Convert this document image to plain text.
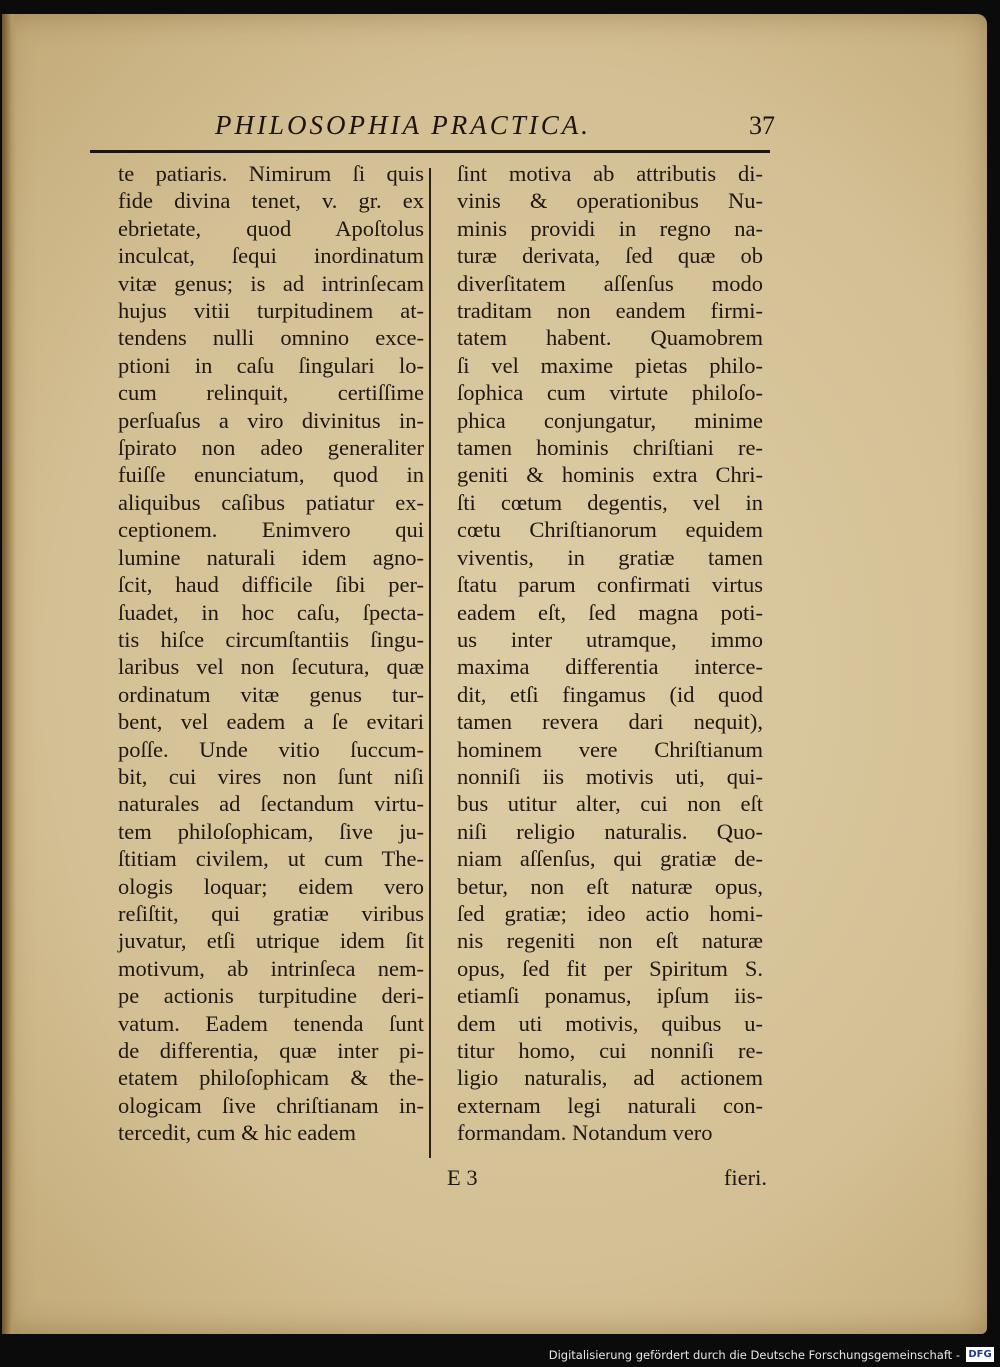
PHILOSOPHIA PRACTICA.	37
te patiaris. Nimirum ſi quis
fide divina tenet, v. gr. ex
ebrietate, quod Apoſtolus
inculcat, ſequi inordinatum
vitæ genus; is ad intrinſecam
hujus vitii turpitudinem at-
tendens nulli omnino exce-
ptioni in caſu ſingulari lo-
cum relinquit, certiſſime
perſuaſus a viro divinitus in-
ſpirato non adeo generaliter
fuiſſe enunciatum, quod in
aliquibus caſibus patiatur ex-
ceptionem. Enimvero qui
lumine naturali idem agno-
ſcit, haud difficile ſibi per-
ſuadet, in hoc caſu, ſpecta-
tis hiſce circumſtantiis ſingu-
laribus vel non ſecutura, quæ
ordinatum vitæ genus tur-
bent, vel eadem a ſe evitari
poſſe. Unde vitio ſuccum-
bit, cui vires non ſunt niſi
naturales ad ſectandum virtu-
tem philoſophicam, ſive ju-
ſtitiam civilem, ut cum The-
ologis loquar; eidem vero
reſiſtit, qui gratiæ viribus
juvatur, etſi utrique idem ſit
motivum, ab intrinſeca nem-
pe actionis turpitudine deri-
vatum. Eadem tenenda ſunt
de differentia, quæ inter pi-
etatem philoſophicam & the-
ologicam ſive chriſtianam in-
tercedit, cum & hic eadem
ſint motiva ab attributis di-
vinis & operationibus Nu-
minis providi in regno na-
turæ derivata, ſed quæ ob
diverſitatem aſſenſus modo
traditam non eandem firmi-
tatem habent. Quamobrem
ſi vel maxime pietas philo-
ſophica cum virtute philoſo-
phica conjungatur, minime
tamen hominis chriſtiani re-
geniti & hominis extra Chri-
ſti cœtum degentis, vel in
cœtu Chriſtianorum equidem
viventis, in gratiæ tamen
ſtatu parum confirmati virtus
eadem eſt, ſed magna poti-
us inter utramque, immo
maxima differentia interce-
dit, etſi fingamus (id quod
tamen revera dari nequit),
hominem vere Chriſtianum
nonniſi iis motivis uti, qui-
bus utitur alter, cui non eſt
niſi religio naturalis. Quo-
niam aſſenſus, qui gratiæ de-
betur, non eſt naturæ opus,
ſed gratiæ; ideo actio homi-
nis regeniti non eſt naturæ
opus, ſed fit per Spiritum S.
etiamſi ponamus, ipſum iis-
dem uti motivis, quibus u-
titur homo, cui nonniſi re-
ligio naturalis, ad actionem
externam legi naturali con-
formandam. Notandum vero
E 3	fieri.
Digitalisierung gefördert durch die Deutsche Forschungsgemeinschaft - DFG
